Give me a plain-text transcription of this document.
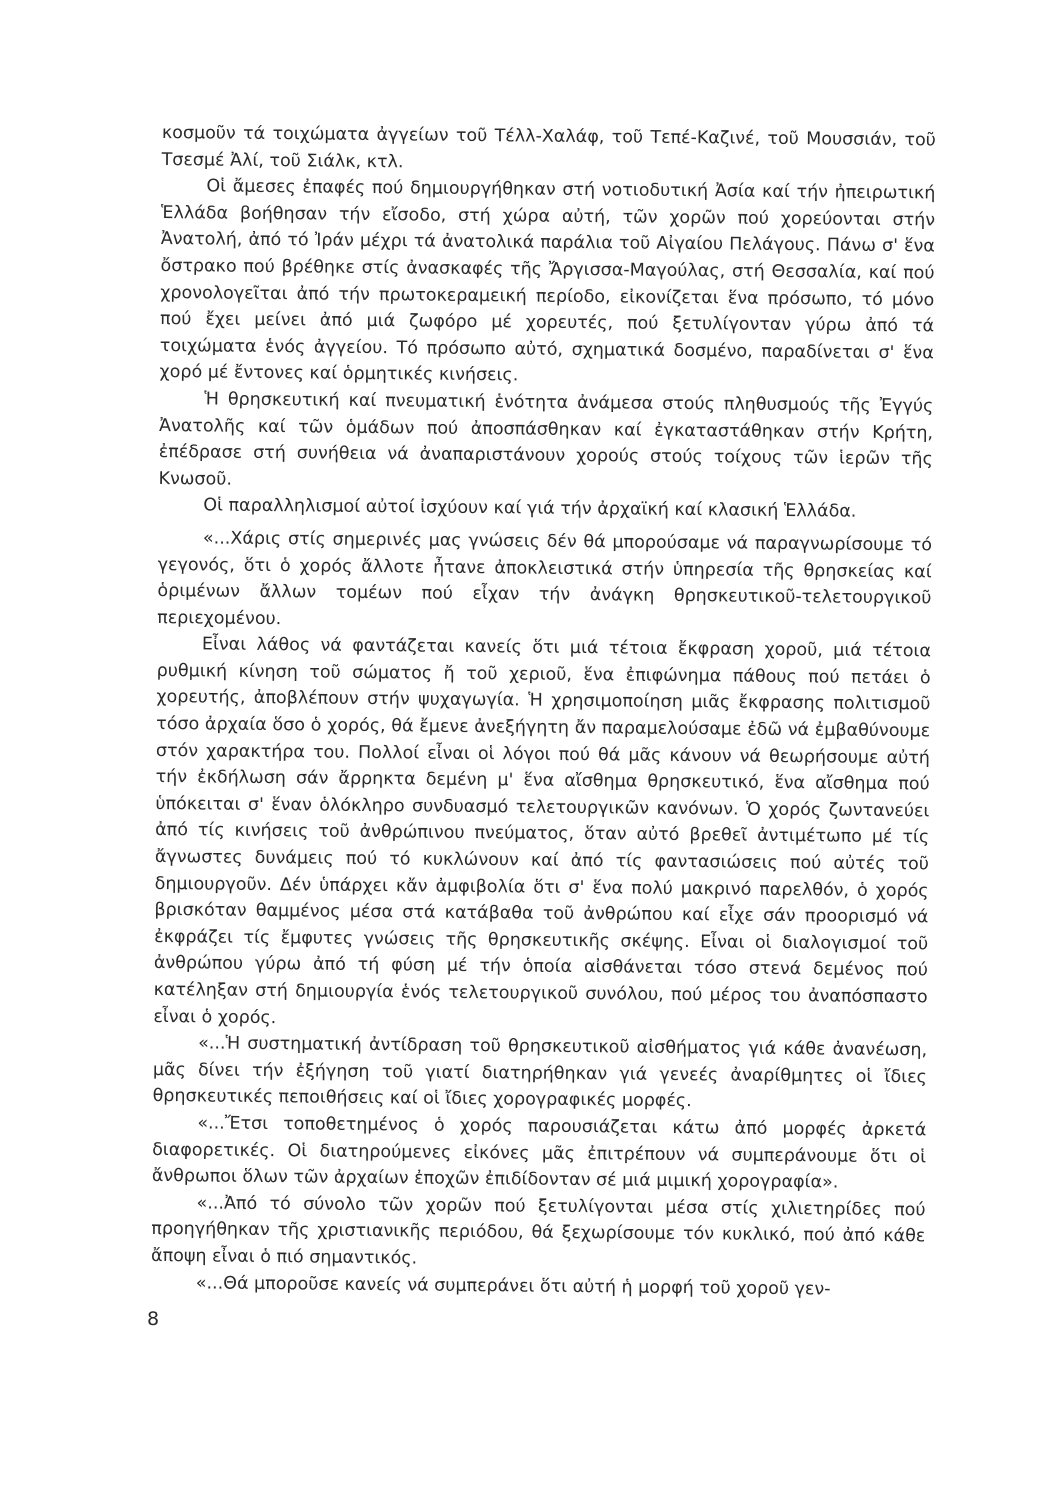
κοσμοῦν τά τοιχώματα ἀγγείων τοῦ Τέλλ-Χαλάφ, τοῦ Τεπέ-Καζινέ, τοῦ Μουσσιάν, τοῦ Τσεσμέ Ἀλί, τοῦ Σιάλκ, κτλ.

Οἱ ἄμεσες ἐπαφές πού δημιουργήθηκαν στή νοτιοδυτική Ἀσία καί τήν ἠπειρωτική Ἑλλάδα βοήθησαν τήν εἴσοδο, στή χώρα αὐτή, τῶν χορῶν πού χορεύονται στήν Ἀνατολή, ἀπό τό Ἰράν μέχρι τά ἀνατολικά παράλια τοῦ Αἰγαίου Πελάγους. Πάνω σ' ἕνα ὄστρακο πού βρέθηκε στίς ἀνασκαφές τῆς Ἄργισσα-Μαγούλας, στή Θεσσαλία, καί πού χρονολογεῖται ἀπό τήν πρωτοκεραμεική περίοδο, εἰκονίζεται ἕνα πρόσωπο, τό μόνο πού ἔχει μείνει ἀπό μιά ζωφόρο μέ χορευτές, πού ξετυλίγονταν γύρω ἀπό τά τοιχώματα ἑνός ἀγγείου. Τό πρόσωπο αὐτό, σχηματικά δοσμένο, παραδίνεται σ' ἕνα χορό μέ ἔντονες καί ὁρμητικές κινήσεις.

Ἡ θρησκευτική καί πνευματική ἑνότητα ἀνάμεσα στούς πληθυσμούς τῆς Ἐγγύς Ἀνατολῆς καί τῶν ὁμάδων πού ἀποσπάσθηκαν καί ἐγκαταστάθηκαν στήν Κρήτη, ἐπέδρασε στή συνήθεια νά ἀναπαριστάνουν χορούς στούς τοίχους τῶν ἱερῶν τῆς Κνωσοῦ.

Οἱ παραλληλισμοί αὐτοί ἰσχύουν καί γιά τήν ἀρχαϊκή καί κλασική Ἑλλάδα.

«...Χάρις στίς σημερινές μας γνώσεις δέν θά μπορούσαμε νά παραγνωρίσουμε τό γεγονός, ὅτι ὁ χορός ἄλλοτε ἦτανε ἀποκλειστικά στήν ὑπηρεσία τῆς θρησκείας καί ὁριμένων ἄλλων τομέων πού εἶχαν τήν ἀνάγκη θρησκευτικοῦ-τελετουργικοῦ περιεχομένου.

Εἶναι λάθος νά φαντάζεται κανείς ὅτι μιά τέτοια ἔκφραση χοροῦ, μιά τέτοια ρυθμική κίνηση τοῦ σώματος ἤ τοῦ χεριοῦ, ἕνα ἐπιφώνημα πάθους πού πετάει ὁ χορευτής, ἀποβλέπουν στήν ψυχαγωγία. Ἡ χρησιμοποίηση μιᾶς ἔκφρασης πολιτισμοῦ τόσο ἀρχαία ὅσο ὁ χορός, θά ἔμενε ἀνεξήγητη ἄν παραμελούσαμε ἐδῶ νά ἐμβαθύνουμε στόν χαρακτήρα του. Πολλοί εἶναι οἱ λόγοι πού θά μᾶς κάνουν νά θεωρήσουμε αὐτή τήν ἐκδήλωση σάν ἄρρηκτα δεμένη μ' ἕνα αἴσθημα θρησκευτικό, ἕνα αἴσθημα πού ὑπόκειται σ' ἕναν ὁλόκληρο συνδυασμό τελετουργικῶν κανόνων. Ὁ χορός ζωντανεύει ἀπό τίς κινήσεις τοῦ ἀνθρώπινου πνεύματος, ὅταν αὐτό βρεθεῖ ἀντιμέτωπο μέ τίς ἄγνωστες δυνάμεις πού τό κυκλώνουν καί ἀπό τίς φαντασιώσεις πού αὐτές τοῦ δημιουργοῦν. Δέν ὑπάρχει κἄν ἀμφιβολία ὅτι σ' ἕνα πολύ μακρινό παρελθόν, ὁ χορός βρισκόταν θαμμένος μέσα στά κατάβαθα τοῦ ἀνθρώπου καί εἶχε σάν προορισμό νά ἐκφράζει τίς ἔμφυτες γνώσεις τῆς θρησκευτικῆς σκέψης. Εἶναι οἱ διαλογισμοί τοῦ ἀνθρώπου γύρω ἀπό τή φύση μέ τήν ὁποία αἰσθάνεται τόσο στενά δεμένος πού κατέληξαν στή δημιουργία ἑνός τελετουργικοῦ συνόλου, πού μέρος του ἀναπόσπαστο εἶναι ὁ χορός.

«...Ἡ συστηματική ἀντίδραση τοῦ θρησκευτικοῦ αἰσθήματος γιά κάθε ἀνανέωση, μᾶς δίνει τήν ἐξήγηση τοῦ γιατί διατηρήθηκαν γιά γενεές ἀναρίθμητες οἱ ἴδιες θρησκευτικές πεποιθήσεις καί οἱ ἴδιες χορογραφικές μορφές.

«...Ἔτσι τοποθετημένος ὁ χορός παρουσιάζεται κάτω ἀπό μορφές ἀρκετά διαφορετικές. Οἱ διατηρούμενες εἰκόνες μᾶς ἐπιτρέπουν νά συμπεράνουμε ὅτι οἱ ἄνθρωποι ὅλων τῶν ἀρχαίων ἐποχῶν ἐπιδίδονταν σέ μιά μιμική χορογραφία».

«...Ἀπό τό σύνολο τῶν χορῶν πού ξετυλίγονται μέσα στίς χιλιετηρίδες πού προηγήθηκαν τῆς χριστιανικῆς περιόδου, θά ξεχωρίσουμε τόν κυκλικό, πού ἀπό κάθε ἄποψη εἶναι ὁ πιό σημαντικός.

«...Θά μποροῦσε κανείς νά συμπεράνει ὅτι αὐτή ἡ μορφή τοῦ χοροῦ γεν-

8
